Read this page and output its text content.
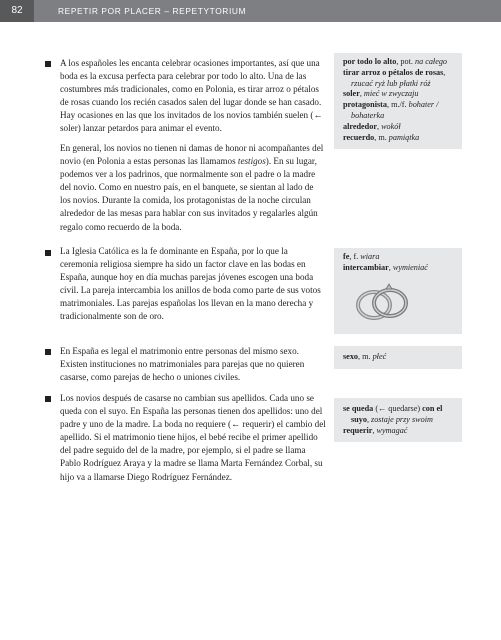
82	REPETIR POR PLACER – REPETYTORIUM

A los españoles les encanta celebrar ocasiones importantes, así que una boda es la excusa perfecta para celebrar por todo lo alto. Una de las costumbres más tradicionales, como en Polonia, es tirar arroz o pétalos de rosas cuando los recién casados salen del lugar donde se han casado. Hay ocasiones en las que los invitados de los novios también suelen (← soler) lanzar petardos para animar el evento.

En general, los novios no tienen ni damas de honor ni acompañantes del novio (en Polonia a estas personas las llamamos testigos). En su lugar, podemos ver a los padrinos, que normalmente son el padre o la madre del novio. Como en nuestro país, en el banquete, se sientan al lado de los novios. Durante la comida, los protagonistas de la noche circulan alrededor de las mesas para hablar con sus invitados y regalarles algún regalo como recuerdo de la boda.

La Iglesia Católica es la fe dominante en España, por lo que la ceremonia religiosa siempre ha sido un factor clave en las bodas en España, aunque hoy en día muchas parejas jóvenes escogen una boda civil. La pareja intercambia los anillos de boda como parte de sus votos matrimoniales. Las parejas españolas los llevan en la mano derecha y tradicionalmente son de oro.

En España es legal el matrimonio entre personas del mismo sexo. Existen instituciones no matrimoniales para parejas que no quieren casarse, como parejas de hecho o uniones civiles.

Los novios después de casarse no cambian sus apellidos. Cada uno se queda con el suyo. En España las personas tienen dos apellidos: uno del padre y uno de la madre. La boda no requiere (← requerir) el cambio del apellido. Si el matrimonio tiene hijos, el bebé recibe el primer apellido del padre seguido del de la madre, por ejemplo, si el padre se llama Pablo Rodríguez Araya y la madre se llama Marta Fernández Corbal, su hijo va a llamarse Diego Rodríguez Fernández.

por todo lo alto, pot. na całego

tirar arroz o pétalos de rosas, rzucać ryż lub płatki róż

soler, mieć w zwyczaju

protagonista, m./f. bohater / bohaterka

alrededor, wokół

recuerdo, m. pamiątka

fe, f. wiara

intercambiar, wymieniać

sexo, m. płeć

se queda (← quedarse) con el suyo, zostaje przy swoim

requerir, wymagać
